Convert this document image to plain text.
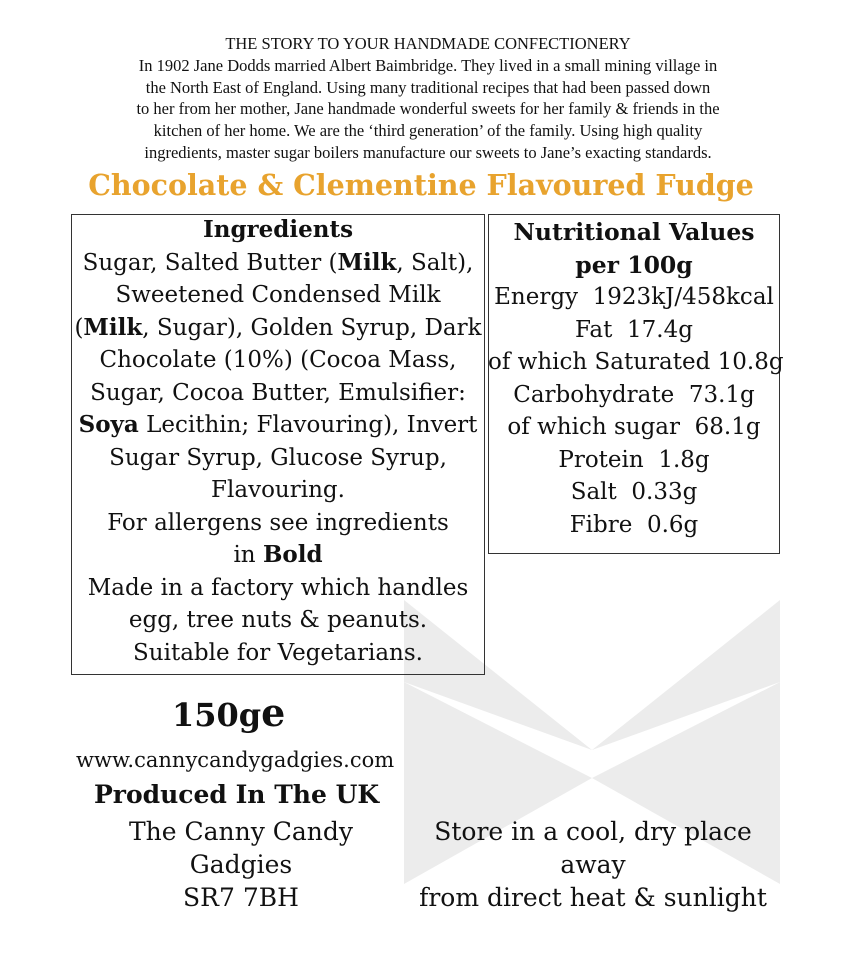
THE STORY TO YOUR HANDMADE CONFECTIONERY
In 1902 Jane Dodds married Albert Baimbridge. They lived in a small mining village in
the North East of England. Using many traditional recipes that had been passed down
to her from her mother, Jane handmade wonderful sweets for her family & friends in the
kitchen of her home. We are the ‘third generation’ of the family. Using high quality
ingredients, master sugar boilers manufacture our sweets to Jane’s exacting standards.
Chocolate & Clementine Flavoured Fudge
Ingredients
Sugar, Salted Butter (Milk, Salt),
Sweetened Condensed Milk
(Milk, Sugar), Golden Syrup, Dark
Chocolate (10%) (Cocoa Mass,
Sugar, Cocoa Butter, Emulsifier:
Soya Lecithin; Flavouring), Invert
Sugar Syrup, Glucose Syrup,
Flavouring.
For allergens see ingredients
in Bold
Made in a factory which handles
egg, tree nuts & peanuts.
Suitable for Vegetarians.
Nutritional Values
per 100g
Energy  1923kJ/458kcal
Fat  17.4g
of which Saturated 10.8g
Carbohydrate  73.1g
of which sugar  68.1g
Protein  1.8g
Salt  0.33g
Fibre  0.6g
150ge
www.cannycandygadgies.com
Produced In The UK
The Canny Candy Gadgies
SR7 7BH
Store in a cool, dry place away
from direct heat & sunlight
